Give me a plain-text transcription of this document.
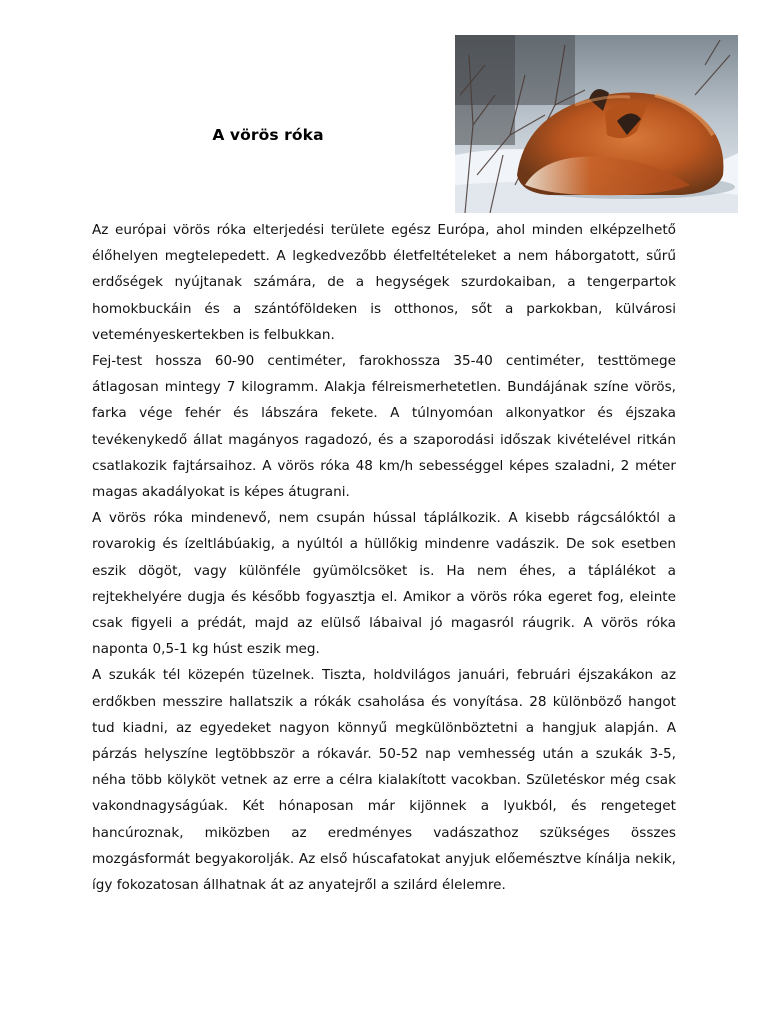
A vörös róka

Az európai vörös róka elterjedési területe egész Európa, ahol minden elképzelhető élőhelyen megtelepedett. A legkedvezőbb életfeltételeket a nem háborgatott, sűrű erdőségek nyújtanak számára, de a hegységek szurdokaiban, a tengerpartok homokbuckáin és a szántóföldeken is otthonos, sőt a parkokban, külvárosi veteményeskertekben is felbukkan.

Fej-test hossza 60-90 centiméter, farokhossza 35-40 centiméter, testtömege átlagosan mintegy 7 kilogramm. Alakja félreismerhetetlen. Bundájának színe vörös, farka vége fehér és lábszára fekete. A túlnyomóan alkonyatkor és éjszaka tevékenykedő állat magányos ragadozó, és a szaporodási időszak kivételével ritkán csatlakozik fajtársaihoz. A vörös róka 48 km/h sebességgel képes szaladni, 2 méter magas akadályokat is képes átugrani.

A vörös róka mindenevő, nem csupán hússal táplálkozik. A kisebb rágcsálóktól a rovarokig és ízeltlábúakig, a nyúltól a hüllőkig mindenre vadászik. De sok esetben eszik dögöt, vagy különféle gyümölcsöket is. Ha nem éhes, a táplálékot a rejtekhelyére dugja és később fogyasztja el. Amikor a vörös róka egeret fog, eleinte csak figyeli a prédát, majd az elülső lábaival jó magasról ráugrik. A vörös róka naponta 0,5-1 kg húst eszik meg.

A szukák tél közepén tüzelnek. Tiszta, holdvilágos januári, februári éjszakákon az erdőkben messzire hallatszik a rókák csaholása és vonyítása. 28 különböző hangot tud kiadni, az egyedeket nagyon könnyű megkülönböztetni a hangjuk alapján. A párzás helyszíne legtöbbször a rókavár. 50-52 nap vemhesség után a szukák 3-5, néha több kölyköt vetnek az erre a célra kialakított vacokban. Születéskor még csak vakondnagyságúak. Két hónaposan már kijönnek a lyukból, és rengeteget hancúroznak, miközben az eredményes vadászathoz szükséges összes mozgásformát begyakorolják. Az első húscafatokat anyjuk előemésztve kínálja nekik, így fokozatosan állhatnak át az anyatejről a szilárd élelemre.
